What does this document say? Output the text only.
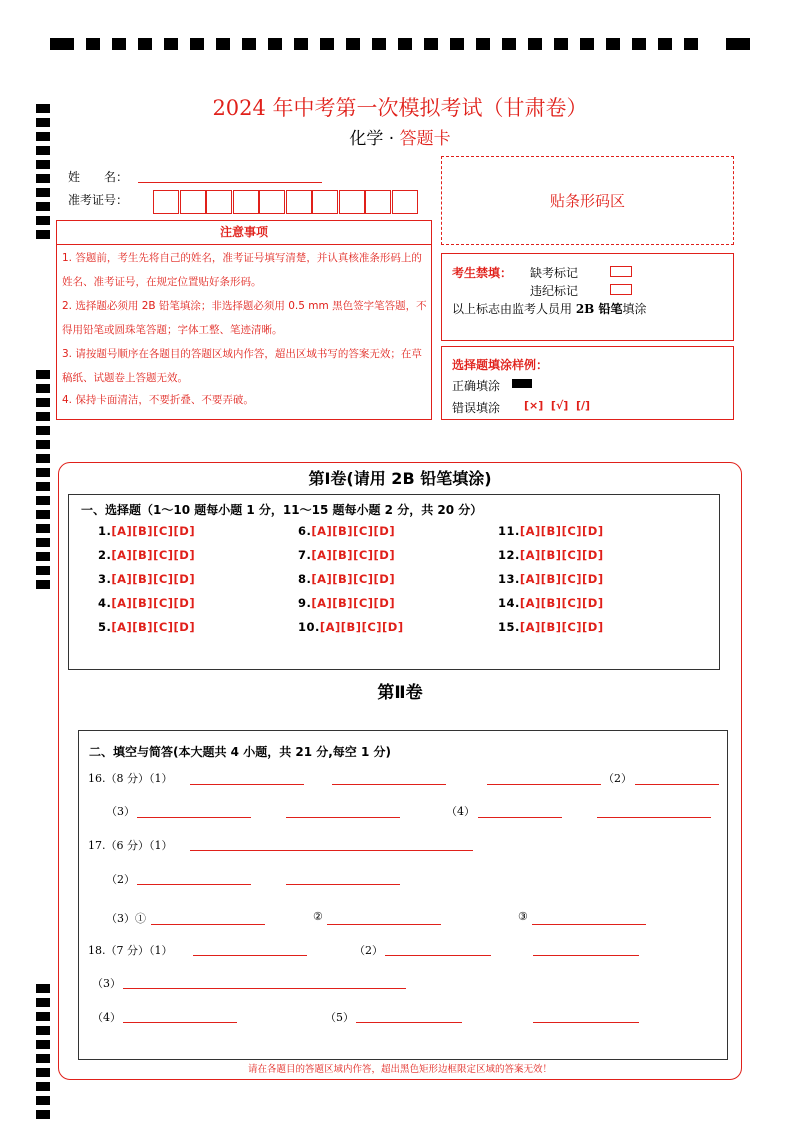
2024 年中考第一次模拟考试（甘肃卷）
化学 · 答题卡
姓　　名：
准考证号：	贴条形码区
注意事项
1. 答题前，考生先将自己的姓名，准考证号填写清楚，并认真核准条形码上的姓名、准考证号，在规定位置贴好条形码。
2. 选择题必须用 2B 铅笔填涂；非选择题必须用 0.5 mm 黑色签字笔答题，不得用铅笔或圆珠笔答题；字体工整、笔迹清晰。
3. 请按题号顺序在各题目的答题区域内作答，超出区域书写的答案无效；在草稿纸、试题卷上答题无效。
4. 保持卡面清洁，不要折叠、不要弄破。
考生禁填： 缺考标记
违纪标记
以上标志由监考人员用 2B 铅笔填涂
选择题填涂样例：
正确填涂
错误填涂 [×]  [√]  [/]
第Ⅰ卷(请用 2B 铅笔填涂)
一、选择题（1～10 题每小题 1 分，11～15 题每小题 2 分，共 20 分）
1.[A][B][C][D]
2.[A][B][C][D]
3.[A][B][C][D]
4.[A][B][C][D]
5.[A][B][C][D]
6.[A][B][C][D]
7.[A][B][C][D]
8.[A][B][C][D]
9.[A][B][C][D]
10.[A][B][C][D]
11.[A][B][C][D]
12.[A][B][C][D]
13.[A][B][C][D]
14.[A][B][C][D]
15.[A][B][C][D]
第Ⅱ卷
二、填空与简答(本大题共 4 小题，共 21 分,每空 1 分)
16.（8 分）（1）	（2）
（3）	（4）
17.（6 分）（1）
（2）
（3）①	②	③
18.（7 分）（1）	（2）
（3）
（4）	（5）
请在各题目的答题区域内作答，超出黑色矩形边框限定区域的答案无效！
